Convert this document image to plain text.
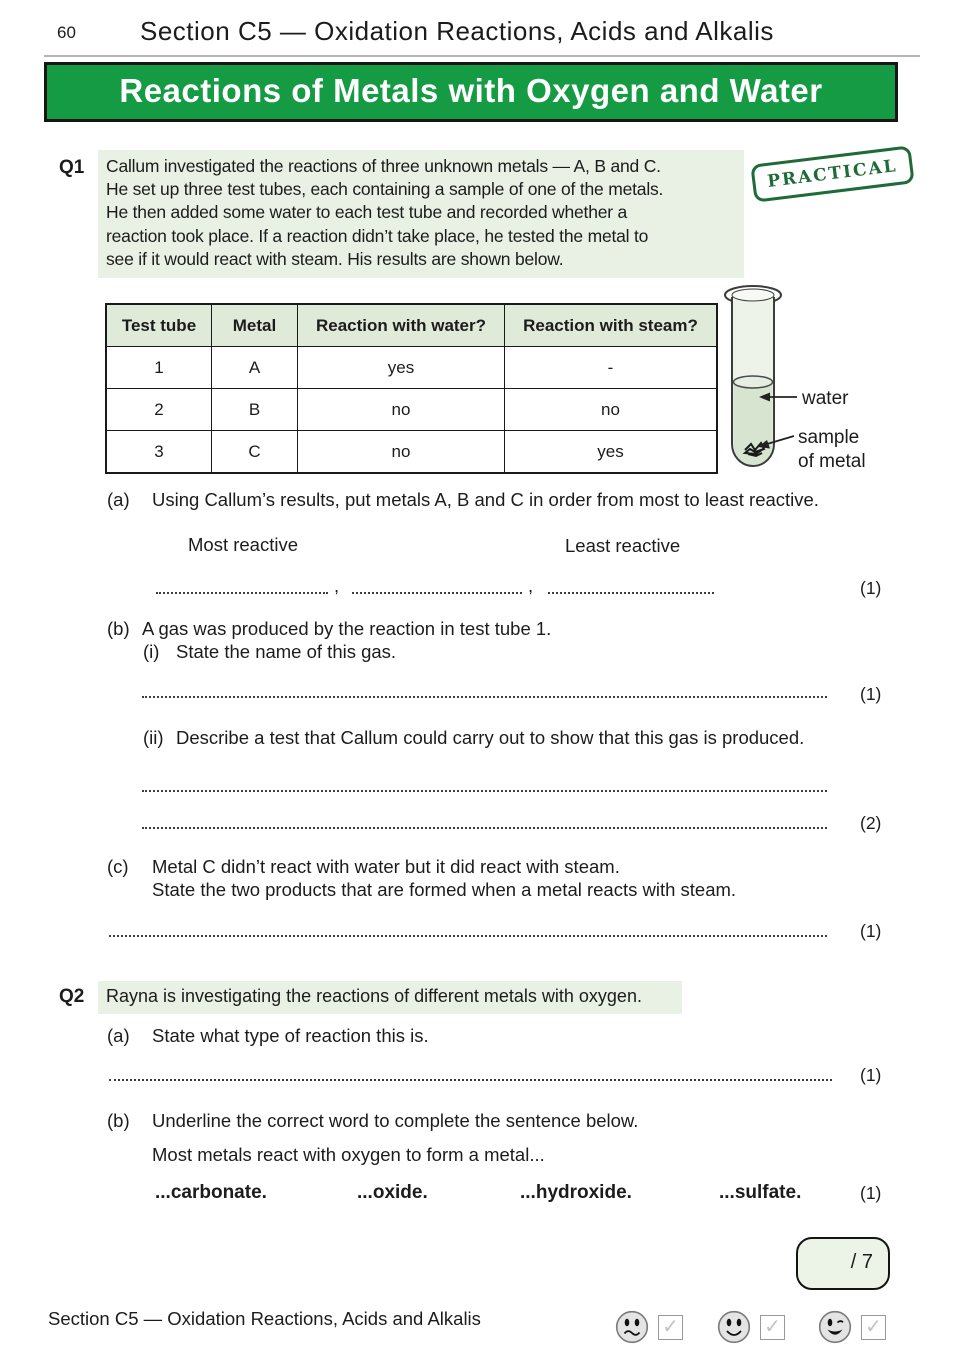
60 Section C5 — Oxidation Reactions, Acids and Alkalis
Reactions of Metals with Oxygen and Water
Q1 Callum investigated the reactions of three unknown metals — A, B and C.
He set up three test tubes, each containing a sample of one of the metals.
He then added some water to each test tube and recorded whether a
reaction took place. If a reaction didn’t take place, he tested the metal to
see if it would react with steam. His results are shown below.
PRACTICAL
Test tube	Metal	Reaction with water?	Reaction with steam?
1	A	yes	-
2	B	no	no
3	C	no	yes
water
sample
of metal
(a) Using Callum’s results, put metals A, B and C in order from most to least reactive.
Most reactive	Least reactive
,	,	(1)
(b) A gas was produced by the reaction in test tube 1.
(i) State the name of this gas.
(1)
(ii) Describe a test that Callum could carry out to show that this gas is produced.
(2)
(c) Metal C didn’t react with water but it did react with steam.
State the two products that are formed when a metal reacts with steam.
(1)
Q2	Rayna is investigating the reactions of different metals with oxygen.
(a) State what type of reaction this is.
(1)
(b) Underline the correct word to complete the sentence below.
Most metals react with oxygen to form a metal...
...carbonate.	...oxide.	...hydroxide.	...sulfate.	(1)
/ 7
Section C5 — Oxidation Reactions, Acids and Alkalis	✓	✓	✓
